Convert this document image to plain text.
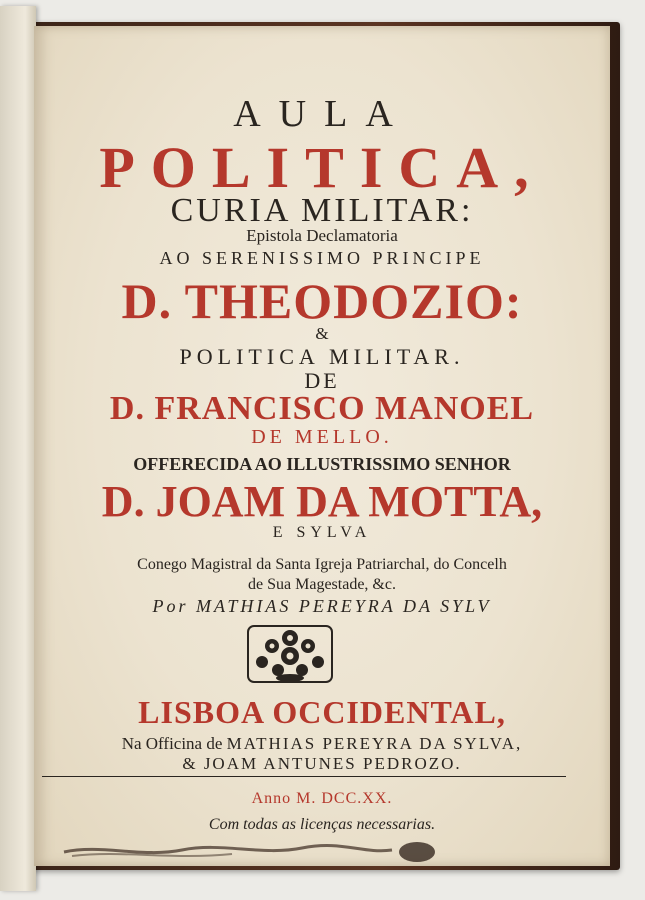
AULA
POLITICA,
CURIA MILITAR:
Epistola Declamatoria
AO SERENISSIMO PRINCIPE
D. THEODOZIO:
&
POLITICA MILITAR.
DE
D. FRANCISCO MANOEL
DE MELLO.
OFFERECIDA AO ILLUSTRISSIMO SENHOR
D. JOAM DA MOTTA,
E SYLVA
Conego Magistral da Santa Igreja Patriarchal, do Concelh
de Sua Magestade, &c.
Por MATHIAS PEREYRA DA SYLV
LISBOA OCCIDENTAL,
Na Officina de MATHIAS PEREYRA DA SYLVA,
& JOAM ANTUNES PEDROZO.
Anno M. DCC.XX.
Com todas as licenças necessarias.
